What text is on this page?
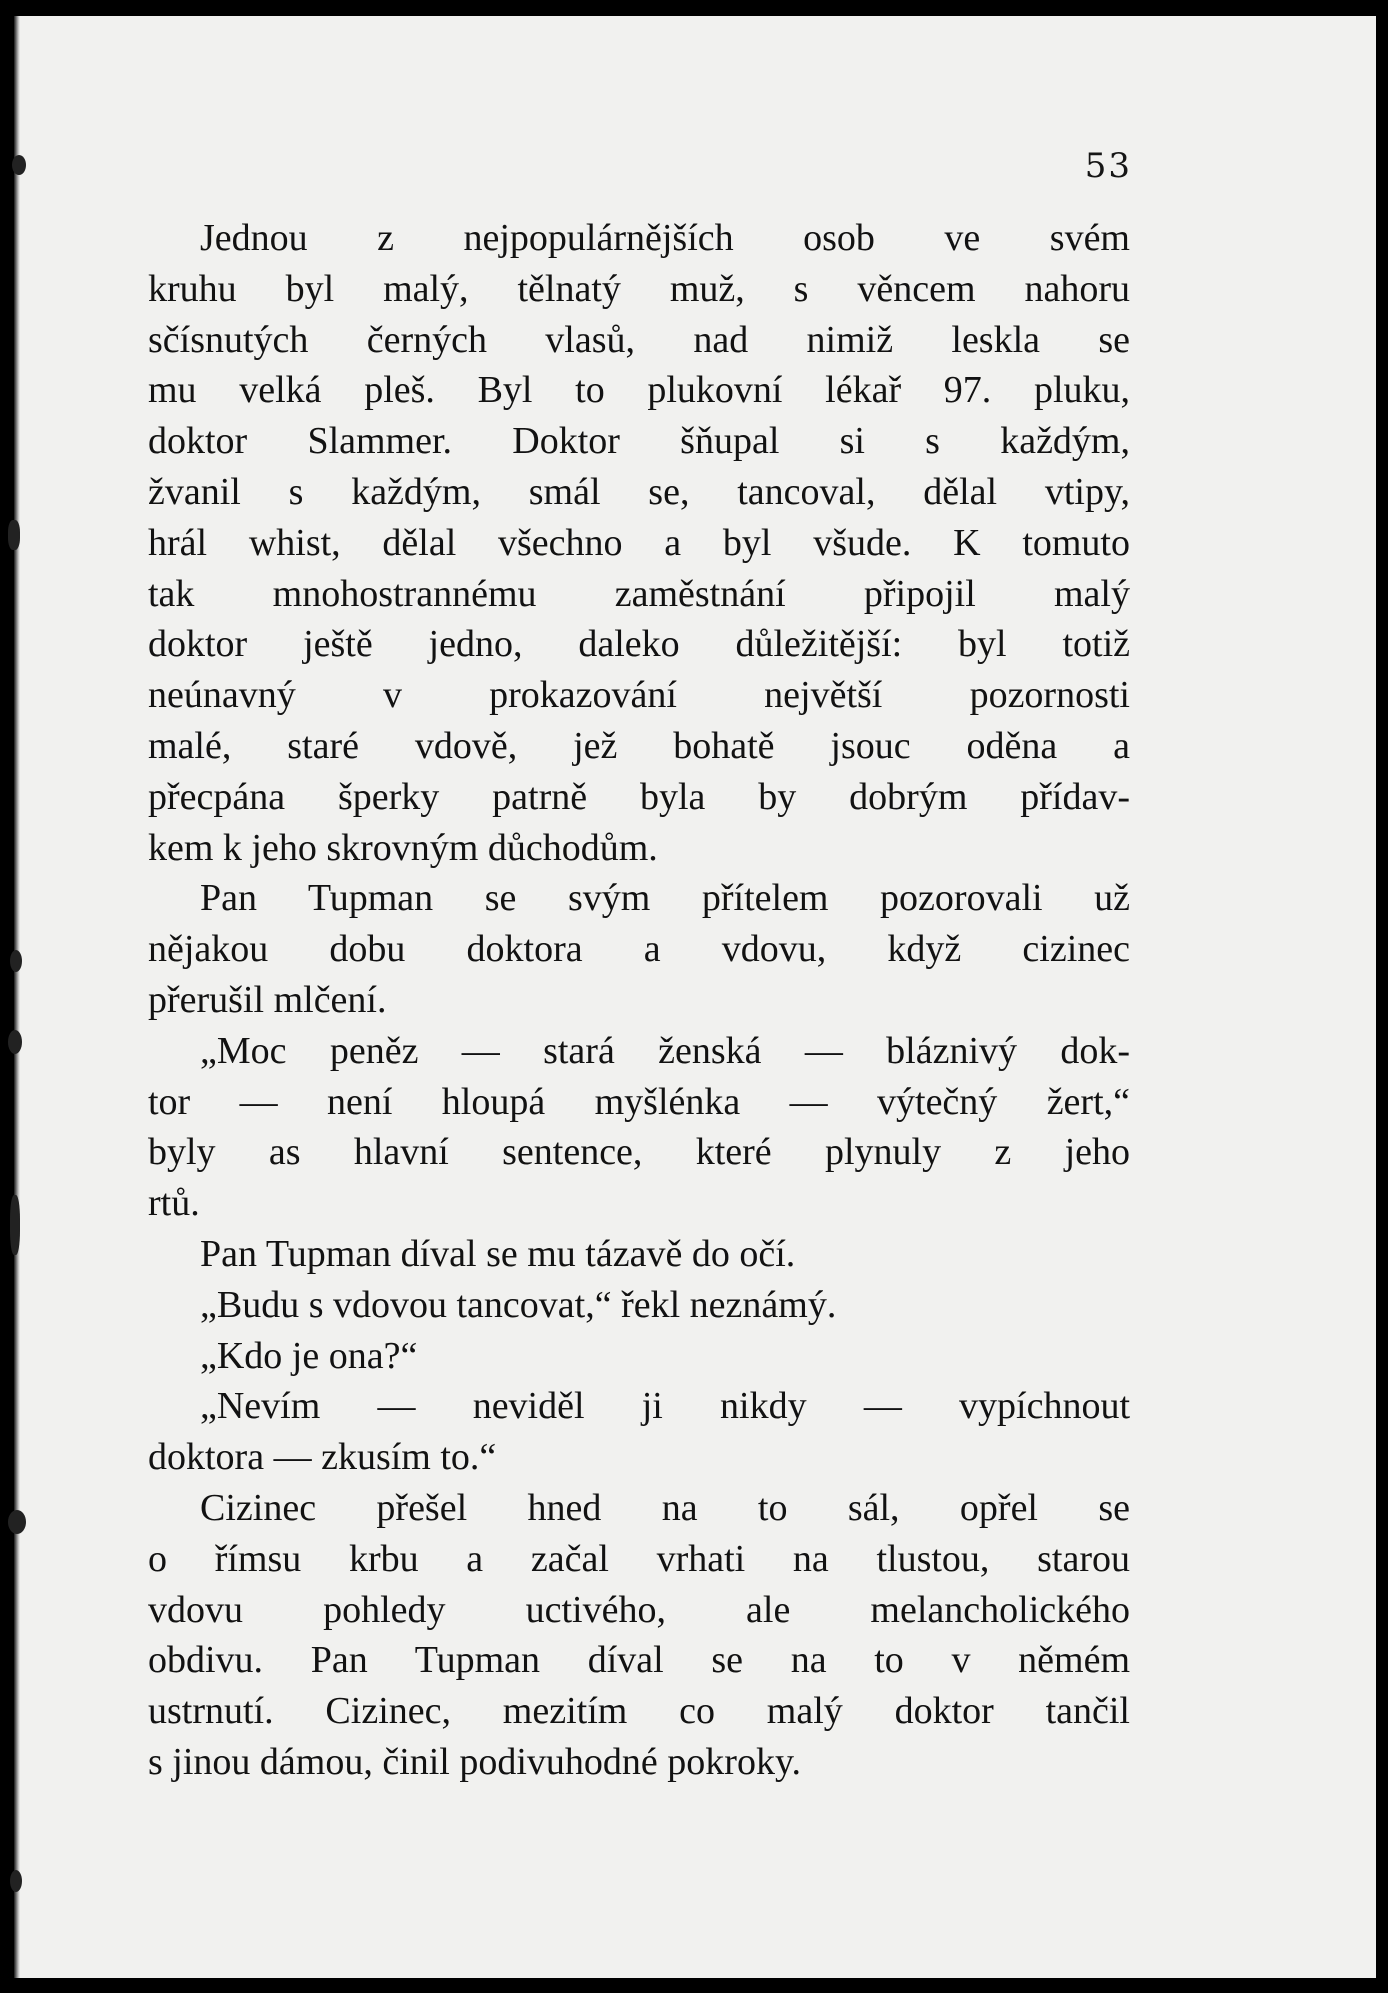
53
Jednou z nejpopulárnějších osob ve svém
kruhu byl malý, tělnatý muž, s věncem nahoru
sčísnutých černých vlasů, nad nimiž leskla se
mu velká pleš. Byl to plukovní lékař 97. pluku,
doktor Slammer. Doktor šňupal si s každým,
žvanil s každým, smál se, tancoval, dělal vtipy,
hrál whist, dělal všechno a byl všude. K tomuto
tak mnohostrannému zaměstnání připojil malý
doktor ještě jedno, daleko důležitější: byl totiž
neúnavný v prokazování největší pozornosti
malé, staré vdově, jež bohatě jsouc oděna a
přecpána šperky patrně byla by dobrým přídav-
kem k jeho skrovným důchodům.
Pan Tupman se svým přítelem pozorovali už
nějakou dobu doktora a vdovu, když cizinec
přerušil mlčení.
„Moc peněz — stará ženská — bláznivý dok-
tor — není hloupá myšlénka — výtečný žert,“
byly as hlavní sentence, které plynuly z jeho
rtů.
Pan Tupman díval se mu tázavě do očí.
„Budu s vdovou tancovat,“ řekl neznámý.
„Kdo je ona?“
„Nevím — neviděl ji nikdy — vypíchnout
doktora — zkusím to.“
Cizinec přešel hned na to sál, opřel se
o římsu krbu a začal vrhati na tlustou, starou
vdovu pohledy uctivého, ale melancholického
obdivu. Pan Tupman díval se na to v němém
ustrnutí. Cizinec, mezitím co malý doktor tančil
s jinou dámou, činil podivuhodné pokroky.
